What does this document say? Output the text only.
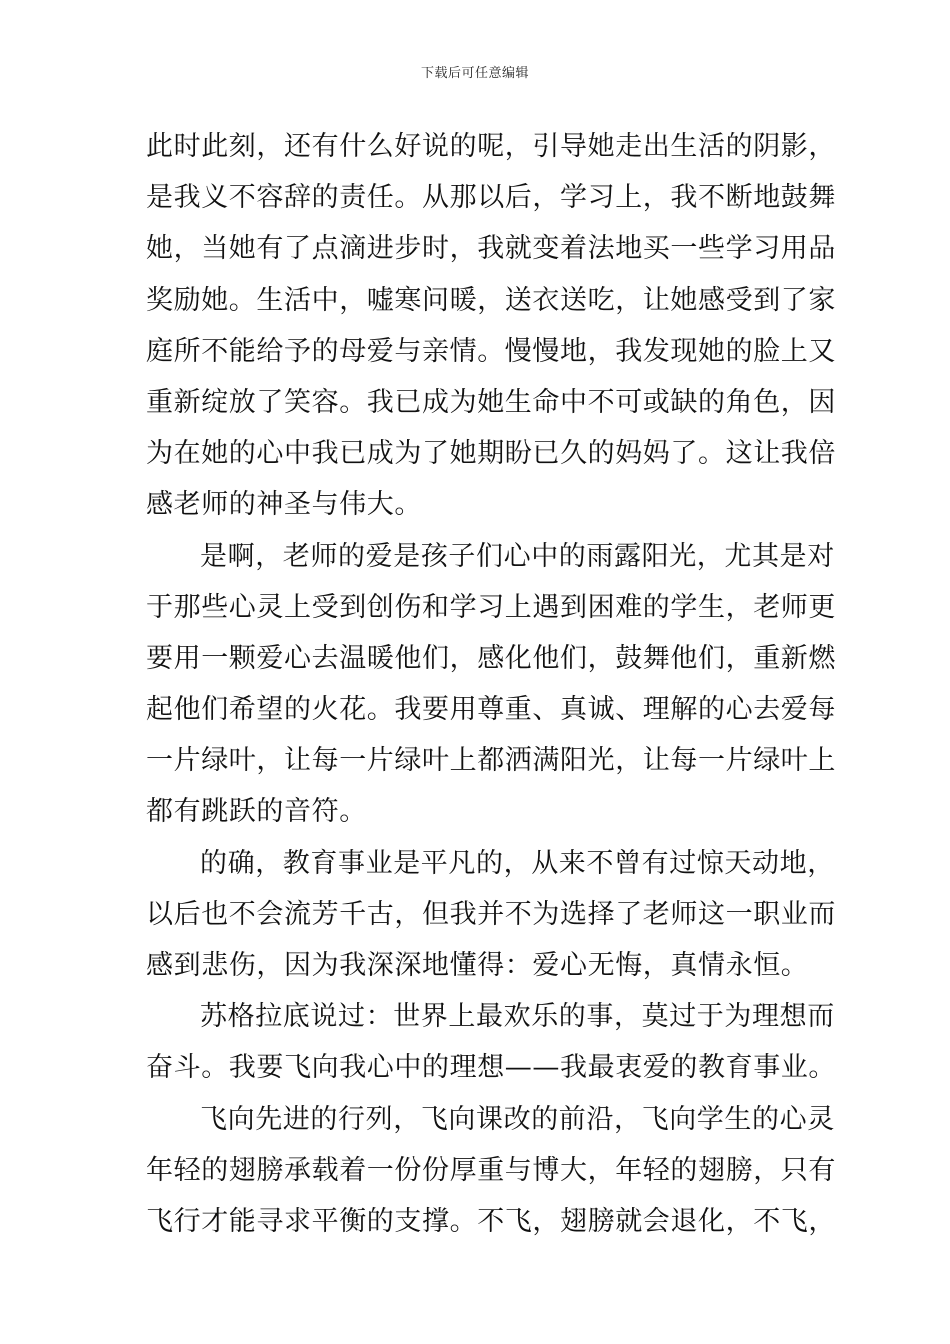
下载后可任意编辑
此时此刻，还有什么好说的呢，引导她走出生活的阴影，
是我义不容辞的责任。从那以后，学习上，我不断地鼓舞
她，当她有了点滴进步时，我就变着法地买一些学习用品
奖励她。生活中，嘘寒问暖，送衣送吃，让她感受到了家
庭所不能给予的母爱与亲情。慢慢地，我发现她的脸上又
重新绽放了笑容。我已成为她生命中不可或缺的角色，因
为在她的心中我已成为了她期盼已久的妈妈了。这让我倍
感老师的神圣与伟大。
是啊，老师的爱是孩子们心中的雨露阳光，尤其是对
于那些心灵上受到创伤和学习上遇到困难的学生，老师更
要用一颗爱心去温暖他们，感化他们，鼓舞他们，重新燃
起他们希望的火花。我要用尊重、真诚、理解的心去爱每
一片绿叶，让每一片绿叶上都洒满阳光，让每一片绿叶上
都有跳跃的音符。
的确，教育事业是平凡的，从来不曾有过惊天动地，
以后也不会流芳千古，但我并不为选择了老师这一职业而
感到悲伤，因为我深深地懂得：爱心无悔，真情永恒。
苏格拉底说过：世界上最欢乐的事，莫过于为理想而
奋斗。我要飞向我心中的理想——我最衷爱的教育事业。
飞向先进的行列，飞向课改的前沿，飞向学生的心灵
年轻的翅膀承载着一份份厚重与博大，年轻的翅膀，只有
飞行才能寻求平衡的支撑。不飞，翅膀就会退化，不飞，
